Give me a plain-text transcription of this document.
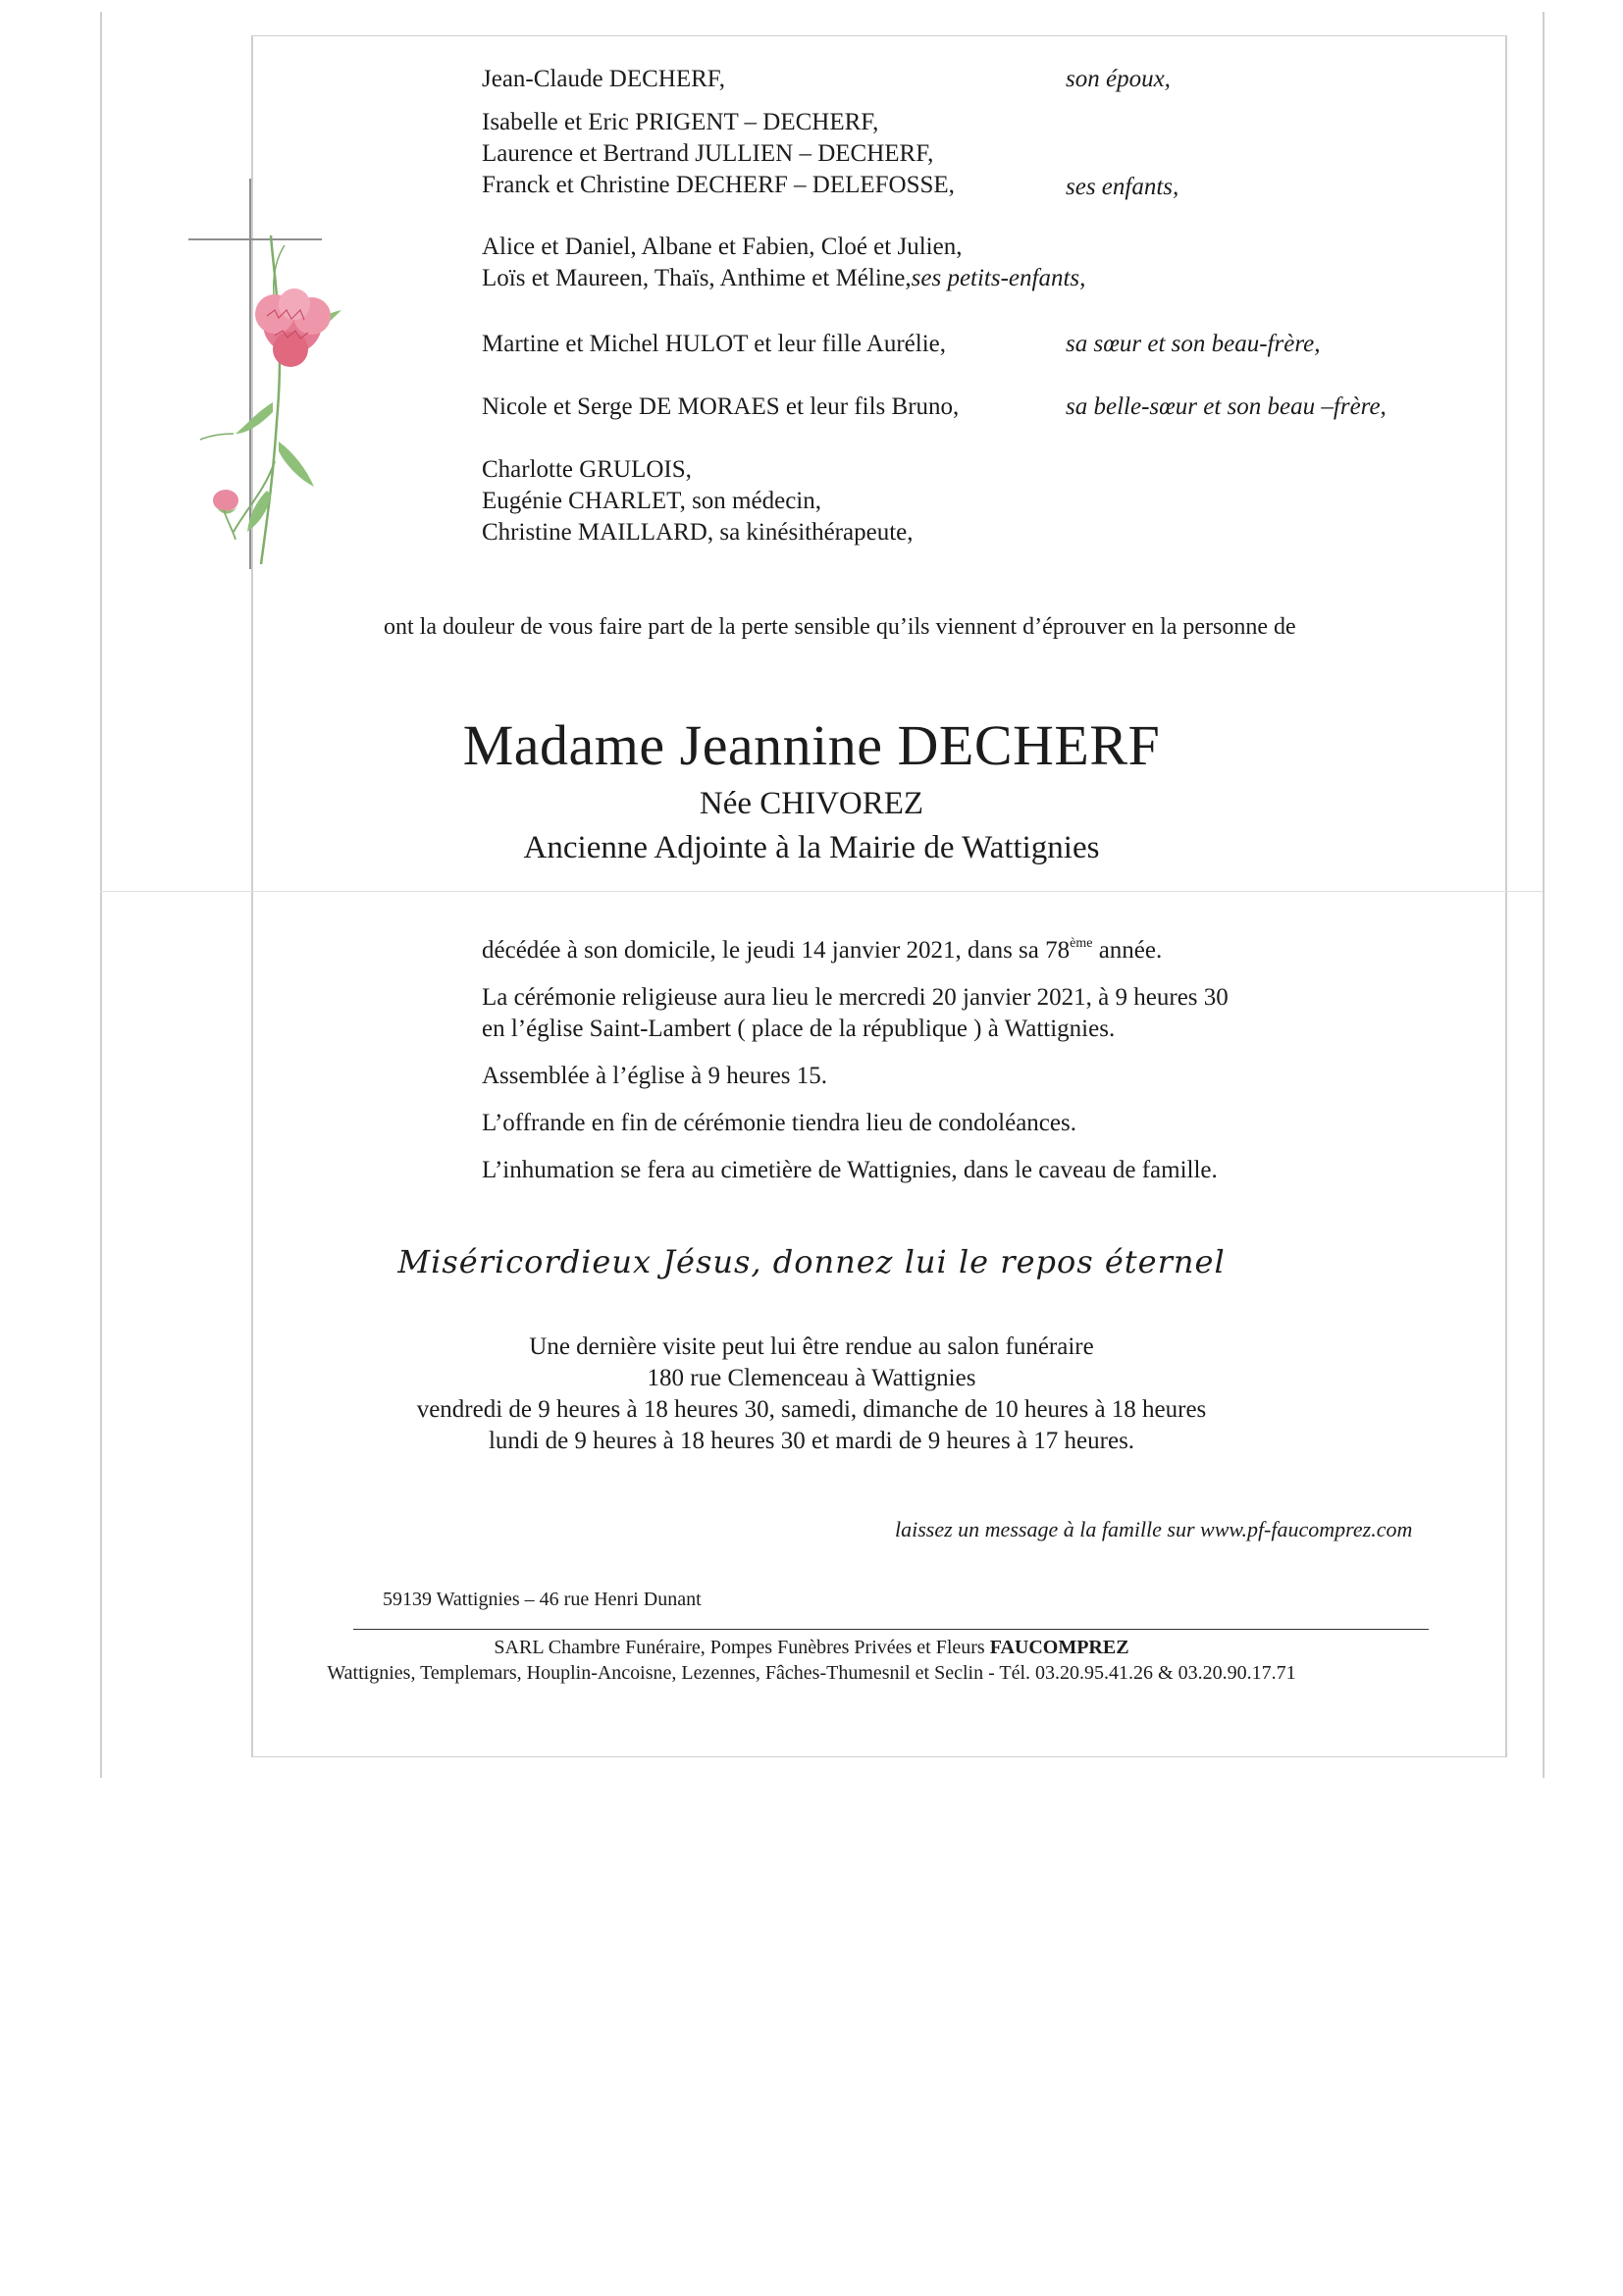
Jean-Claude DECHERF,	son époux,
Isabelle et Eric PRIGENT – DECHERF,
Laurence et Bertrand JULLIEN – DECHERF,
Franck et Christine DECHERF – DELEFOSSE,	ses enfants,
Alice et Daniel, Albane et Fabien, Cloé et Julien,
Loïs et Maureen, Thaïs, Anthime et Méline,ses petits-enfants,
Martine et Michel HULOT et leur fille Aurélie,	sa sœur et son beau-frère,
Nicole et Serge DE MORAES et leur fils Bruno,	sa belle-sœur et son beau –frère,
Charlotte GRULOIS,
Eugénie CHARLET, son médecin,
Christine MAILLARD, sa kinésithérapeute,
ont la douleur de vous faire part de la perte sensible qu’ils viennent d’éprouver en la personne de
Madame Jeannine DECHERF
Née CHIVOREZ
Ancienne Adjointe à la Mairie de Wattignies
décédée à son domicile, le jeudi 14 janvier 2021, dans sa 78ème année.
La cérémonie religieuse aura lieu le mercredi 20 janvier 2021, à 9 heures 30
en l’église Saint-Lambert ( place de la république ) à Wattignies.
Assemblée à l’église à 9 heures 15.
L’offrande en fin de cérémonie tiendra lieu de condoléances.
L’inhumation se fera au cimetière de Wattignies, dans le caveau de famille.
Miséricordieux Jésus, donnez lui le repos éternel
Une dernière visite peut lui être rendue au salon funéraire
180 rue Clemenceau à Wattignies
vendredi de 9 heures à 18 heures 30, samedi, dimanche de 10 heures à 18 heures
lundi de 9 heures à 18 heures 30 et mardi de 9 heures à 17 heures.
laissez un message à la famille sur www.pf-faucomprez.com
59139 Wattignies – 46 rue Henri Dunant
SARL Chambre Funéraire, Pompes Funèbres Privées et Fleurs FAUCOMPREZ
Wattignies, Templemars, Houplin-Ancoisne, Lezennes, Fâches-Thumesnil et Seclin - Tél. 03.20.95.41.26 & 03.20.90.17.71
